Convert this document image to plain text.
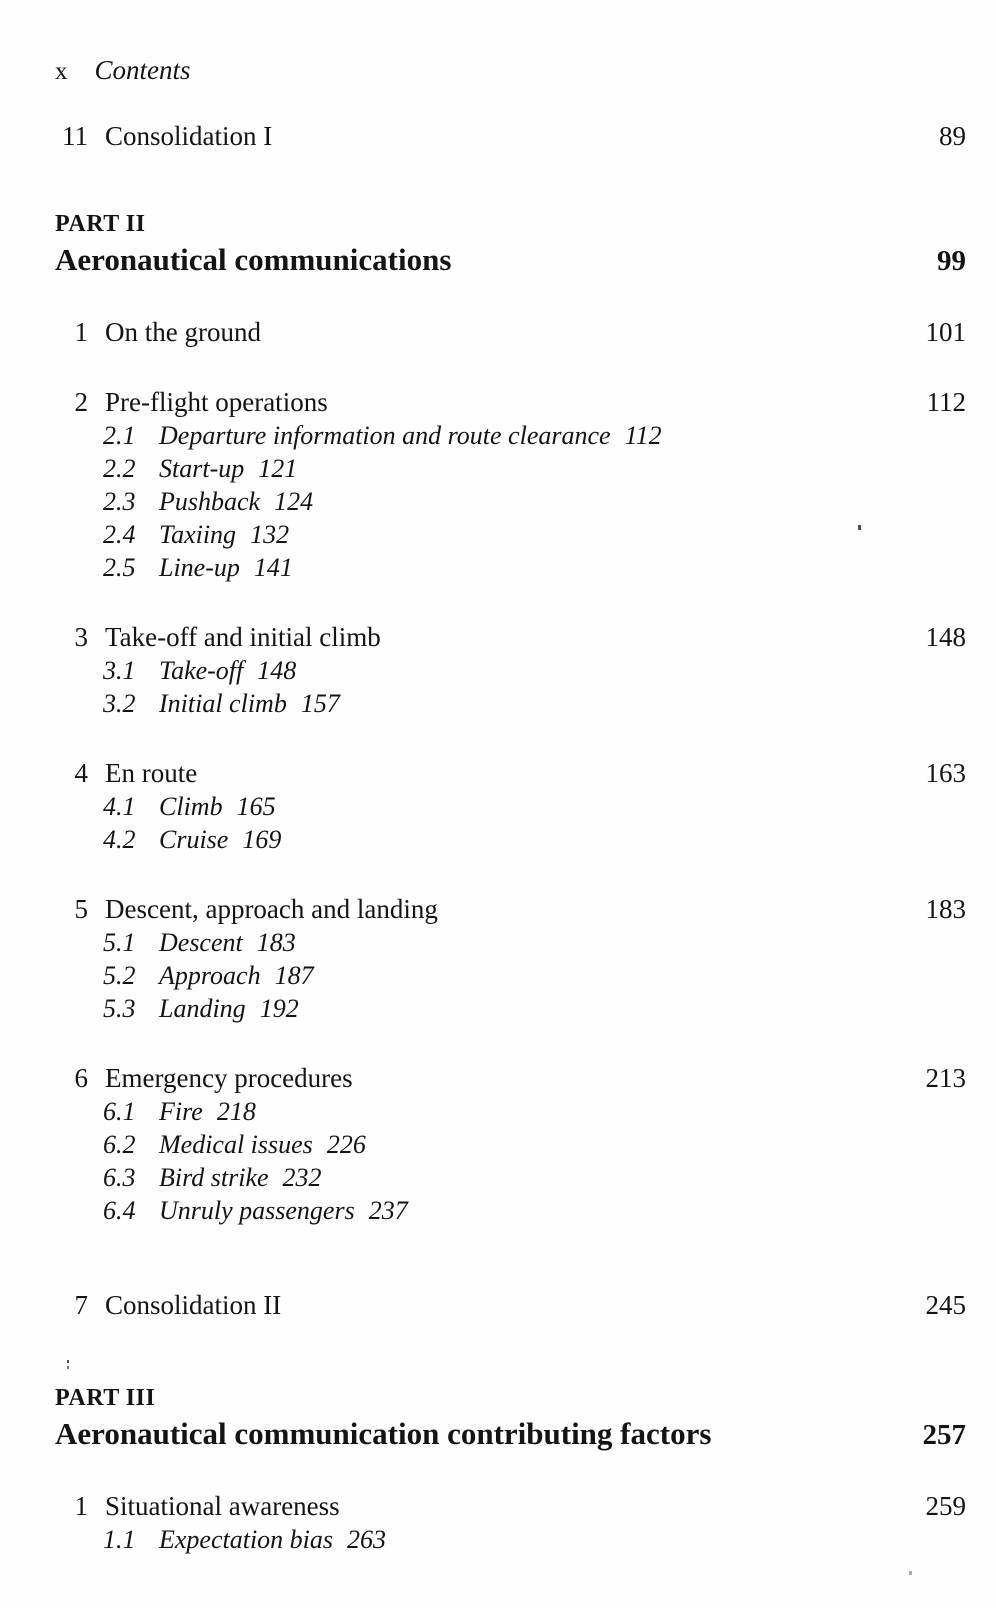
x Contents
11 Consolidation I	89
PART II
Aeronautical communications	99
1 On the ground	101
2 Pre-flight operations	112
2.1 Departure information and route clearance 112
2.2 Start-up 121
2.3 Pushback 124
2.4 Taxiing 132
2.5 Line-up 141
3 Take-off and initial climb	148
3.1 Take-off 148
3.2 Initial climb 157
4 En route	163
4.1 Climb 165
4.2 Cruise 169
5 Descent, approach and landing	183
5.1 Descent 183
5.2 Approach 187
5.3 Landing 192
6 Emergency procedures	213
6.1 Fire 218
6.2 Medical issues 226
6.3 Bird strike 232
6.4 Unruly passengers 237
7 Consolidation II	245
PART III
Aeronautical communication contributing factors	257
1 Situational awareness	259
1.1 Expectation bias 263
